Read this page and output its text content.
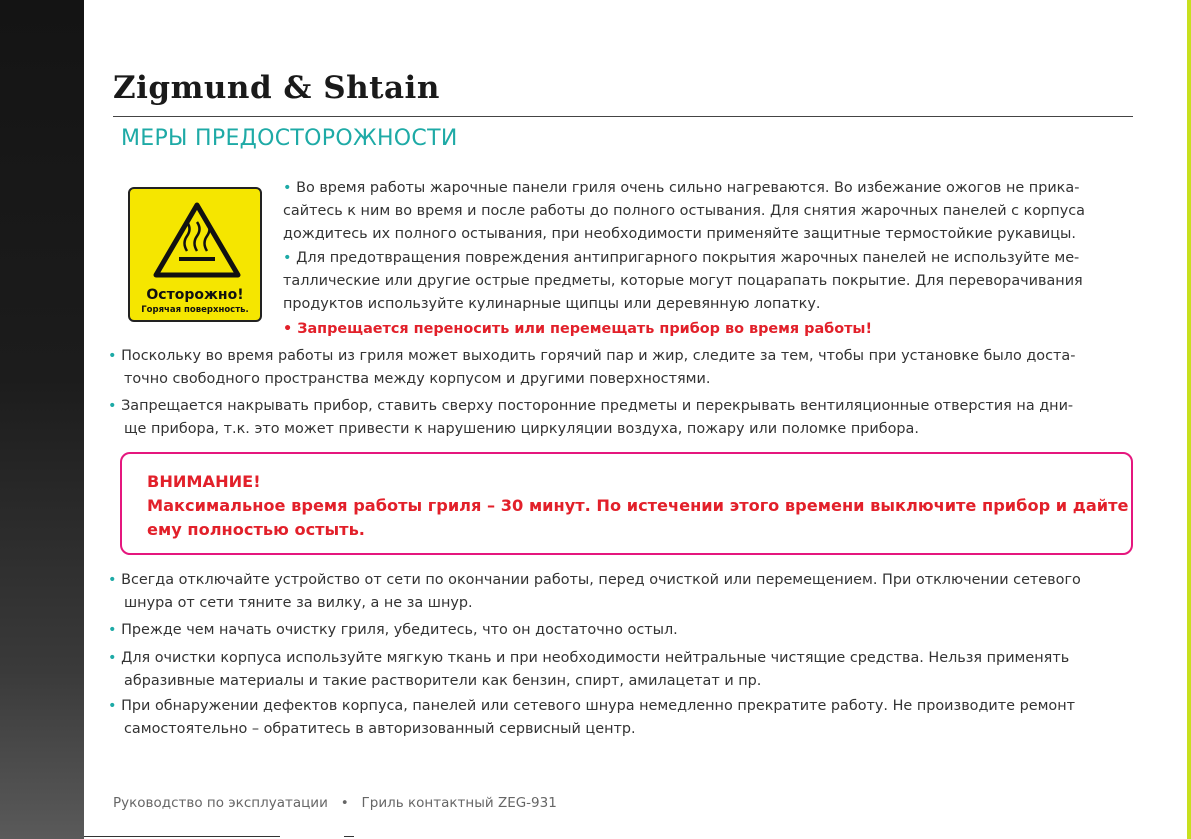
Zigmund & Shtain
МЕРЫ ПРЕДОСТОРОЖНОСТИ
Осторожно!
Горячая поверхность.
• Во время работы жарочные панели гриля очень сильно нагреваются. Во избежание ожогов не прика-
сайтесь к ним во время и после работы до полного остывания. Для снятия жарочных панелей с корпуса
дождитесь их полного остывания, при необходимости применяйте защитные термостойкие рукавицы.
• Для предотвращения повреждения антипригарного покрытия жарочных панелей не используйте ме-
таллические или другие острые предметы, которые могут поцарапать покрытие. Для переворачивания
продуктов используйте кулинарные щипцы или деревянную лопатку.
• Запрещается переносить или перемещать прибор во время работы!
• Поскольку во время работы из гриля может выходить горячий пар и жир, следите за тем, чтобы при установке было доста-
точно свободного пространства между корпусом и другими поверхностями.
• Запрещается накрывать прибор, ставить сверху посторонние предметы и перекрывать вентиляционные отверстия на дни-
ще прибора, т.к. это может привести к нарушению циркуляции воздуха, пожару или поломке прибора.
ВНИМАНИЕ!
Максимальное время работы гриля – 30 минут. По истечении этого времени выключите прибор и дайте
ему полностью остыть.
• Всегда отключайте устройство от сети по окончании работы, перед очисткой или перемещением. При отключении сетевого
шнура от сети тяните за вилку, а не за шнур.
• Прежде чем начать очистку гриля, убедитесь, что он достаточно остыл.
• Для очистки корпуса используйте мягкую ткань и при необходимости нейтральные чистящие средства. Нельзя применять
абразивные материалы и такие растворители как бензин, спирт, амилацетат и пр.
• При обнаружении дефектов корпуса, панелей или сетевого шнура немедленно прекратите работу. Не производите ремонт
самостоятельно – обратитесь в авторизованный сервисный центр.
Руководство по эксплуатации   •   Гриль контактный ZEG-931
